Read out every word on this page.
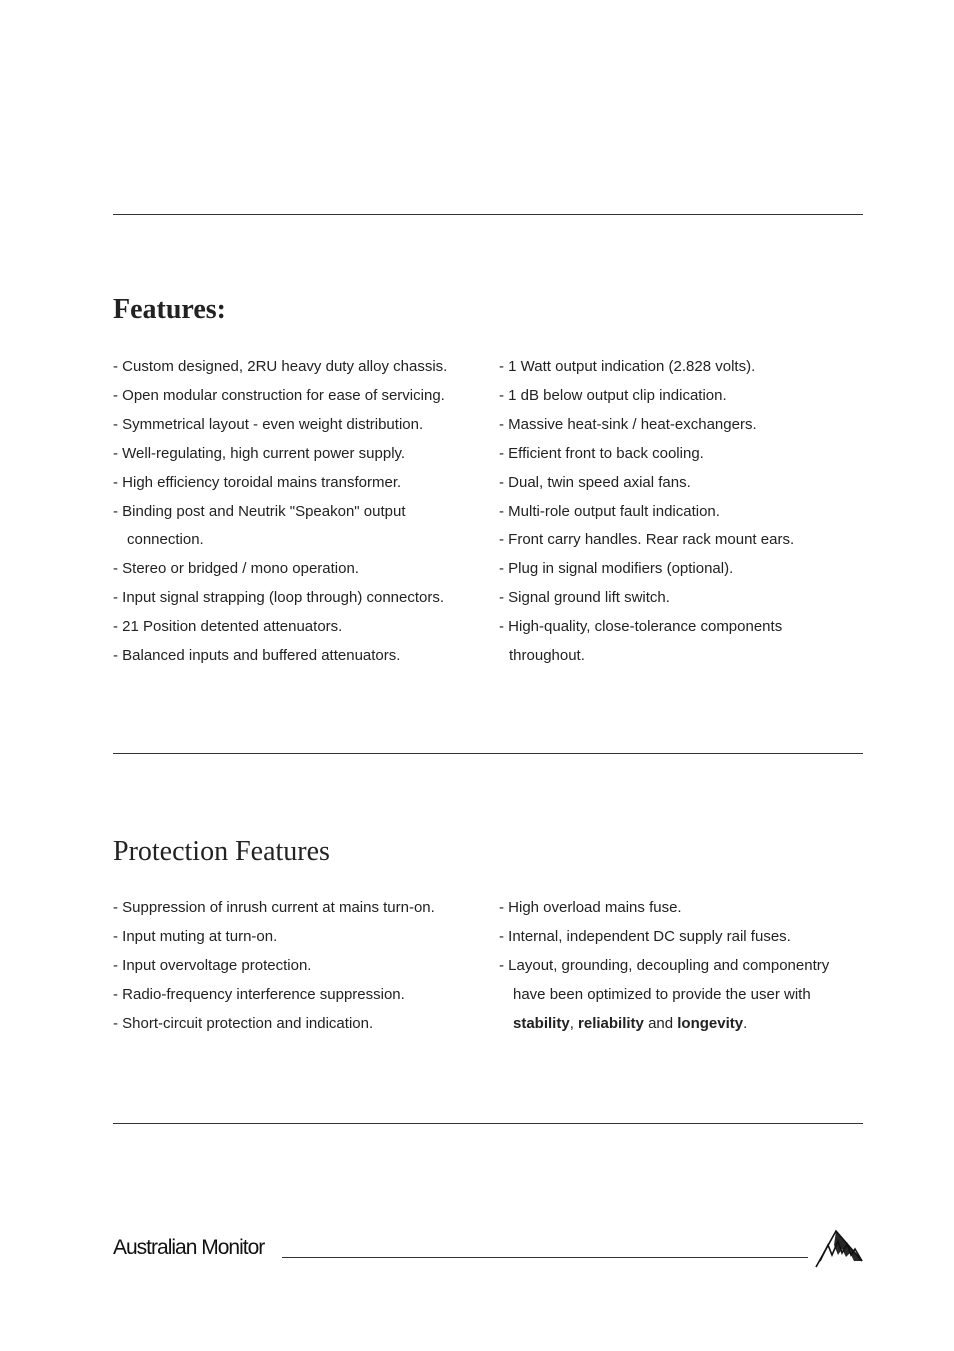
Features:
- Custom designed, 2RU heavy duty alloy chassis.
- Open modular construction for ease of servicing.
- Symmetrical layout - even weight distribution.
- Well-regulating, high current power supply.
- High efficiency toroidal mains transformer.
- Binding post and Neutrik "Speakon" output
connection.
- Stereo or bridged / mono operation.
- Input signal strapping (loop through) connectors.
- 21 Position detented attenuators.
- Balanced inputs and buffered attenuators.
- 1 Watt output indication (2.828 volts).
- 1 dB below output clip indication.
- Massive heat-sink / heat-exchangers.
- Efficient front to back cooling.
- Dual, twin speed axial fans.
- Multi-role output fault indication.
- Front carry handles. Rear rack mount ears.
- Plug in signal modifiers (optional).
- Signal ground lift switch.
- High-quality, close-tolerance components
throughout.
Protection Features
- Suppression of inrush current at mains turn-on.
- Input muting at turn-on.
- Input overvoltage protection.
- Radio-frequency interference suppression.
- Short-circuit protection and indication.
- High overload mains fuse.
- Internal, independent DC supply rail fuses.
- Layout, grounding, decoupling and componentry
have been optimized to provide the user with
stability, reliability and longevity.
Australian Monitor
